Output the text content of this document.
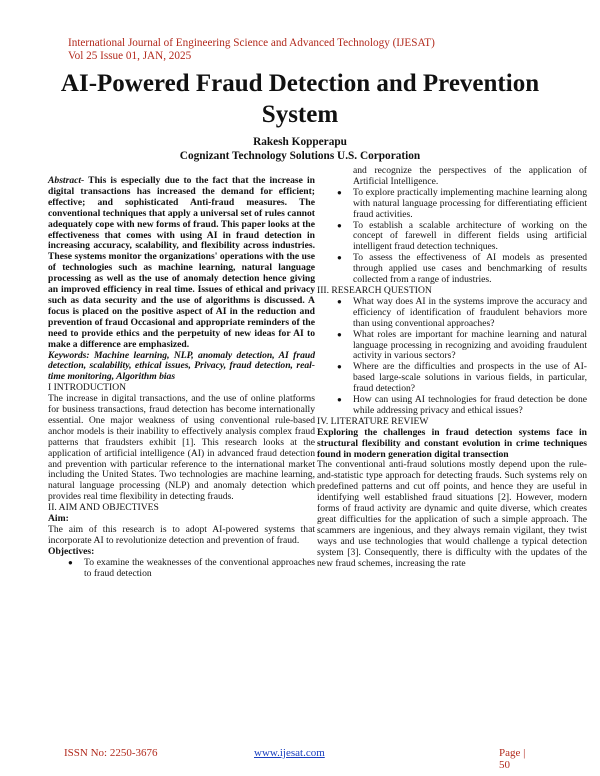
International Journal of Engineering Science and Advanced Technology (IJESAT)
Vol 25 Issue 01, JAN, 2025
AI-Powered Fraud Detection and Prevention System
Rakesh Kopperapu
Cognizant Technology Solutions U.S. Corporation

Abstract- This is especially due to the fact that the increase in digital transactions has increased the demand for efficient; effective; and sophisticated Anti-fraud measures. The conventional techniques that apply a universal set of rules cannot adequately cope with new forms of fraud. This paper looks at the effectiveness that comes with using AI in fraud detection in increasing accuracy, scalability, and flexibility across industries. These systems monitor the organizations' operations with the use of technologies such as machine learning, natural language processing as well as the use of anomaly detection hence giving an improved efficiency in real time. Issues of ethical and privacy such as data security and the use of algorithms is discussed. A focus is placed on the positive aspect of AI in the reduction and prevention of fraud Occasional and appropriate reminders of the need to provide ethics and the perpetuity of new ideas for AI to make a difference are emphasized.

Keywords: Machine learning, NLP, anomaly detection, AI fraud detection, scalability, ethical issues, Privacy, fraud detection, real-time monitoring, Algorithm bias

I INTRODUCTION

The increase in digital transactions, and the use of online platforms for business transactions, fraud detection has become internationally essential. One major weakness of using conventional rule-based anchor models is their inability to effectively analysis complex fraud patterns that fraudsters exhibit [1]. This research looks at the application of artificial intelligence (AI) in advanced fraud detection and prevention with particular reference to the international market including the United States. Two technologies are machine learning, natural language processing (NLP) and anomaly detection which provides real time flexibility in detecting frauds.

II. AIM AND OBJECTIVES

Aim:

The aim of this research is to adopt AI-powered systems that incorporate AI to revolutionize detection and prevention of fraud.

Objectives:

● To examine the weaknesses of the conventional approaches to fraud detection
and recognize the perspectives of the application of Artificial Intelligence.
● To explore practically implementing machine learning along with natural language processing for differentiating efficient fraud activities.
● To establish a scalable architecture of working on the concept of farewell in different fields using artificial intelligent fraud detection techniques.
● To assess the effectiveness of AI models as presented through applied use cases and benchmarking of results collected from a range of industries.

III. RESEARCH QUESTION

● What way does AI in the systems improve the accuracy and efficiency of identification of fraudulent behaviors more than using conventional approaches?
● What roles are important for machine learning and natural language processing in recognizing and avoiding fraudulent activity in various sectors?
● Where are the difficulties and prospects in the use of AI-based large-scale solutions in various fields, in particular, fraud detection?
● How can using AI technologies for fraud detection be done while addressing privacy and ethical issues?

IV. LITERATURE REVIEW

Exploring the challenges in fraud detection systems face in structural flexibility and constant evolution in crime techniques found in modern generation digital transection

The conventional anti-fraud solutions mostly depend upon the rule-and-statistic type approach for detecting frauds. Such systems rely on predefined patterns and cut off points, and hence they are useful in identifying well established fraud situations [2]. However, modern forms of fraud activity are dynamic and quite diverse, which creates great difficulties for the application of such a simple approach. The scammers are ingenious, and they always remain vigilant, they twist ways and use technologies that would challenge a typical detection system [3]. Consequently, there is difficulty with the updates of the new fraud schemes, increasing the rate

ISSN No: 2250-3676	www.ijesat.com	Page | 50
